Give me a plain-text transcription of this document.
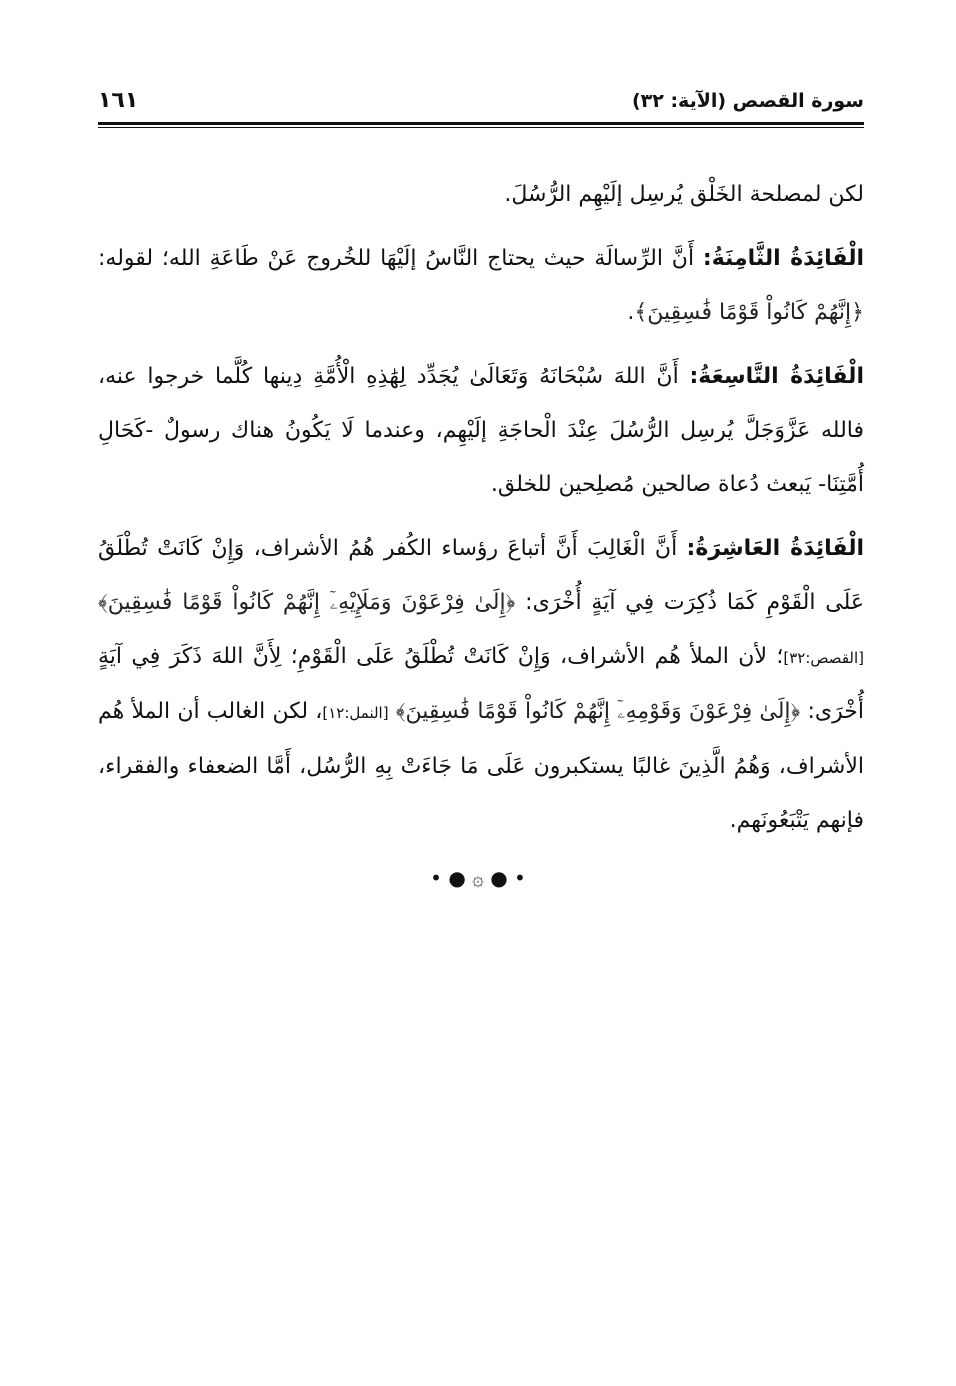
سورة القصص (الآية: ٣٢)
١٦١

لكن لمصلحة الخَلْق يُرسِل إلَيْهِم الرُّسُلَ.

الْفَائِدَةُ الثَّامِنَةُ: أَنَّ الرِّسالَة حيث يحتاج النَّاسُ إلَيْهَا للخُروج عَنْ طَاعَةِ الله؛ لقوله: ﴿إِنَّهُمْ كَانُواْ قَوْمًا فَٰسِقِينَ﴾.

الْفَائِدَةُ التَّاسِعَةُ: أَنَّ اللهَ سُبْحَانَهُ وَتَعَالَىٰ يُجَدِّد لِهَٰذِهِ الْأُمَّةِ دِينها كُلَّما خرجوا عنه، فالله عَزَّوَجَلَّ يُرسِل الرُّسُلَ عِنْدَ الْحاجَةِ إلَيْهِم، وعندما لَا يَكُونُ هناك رسولٌ -كَحَالِ أُمَّتِنَا- يَبعث دُعاة صالحين مُصلِحين للخلق.

الْفَائِدَةُ العَاشِرَةُ: أَنَّ الْغَالِبَ أَنَّ أتباعَ رؤساء الكُفر هُمُ الأشراف، وَإِنْ كَانَتْ تُطْلَقُ عَلَى الْقَوْمِ كَمَا ذُكِرَت فِي آيَةٍ أُخْرَى: ﴿إِلَىٰ فِرْعَوْنَ وَمَلَإِيْهِۦٓ إِنَّهُمْ كَانُواْ قَوْمًا فَٰسِقِينَ﴾ [القصص:٣٢]؛ لأن الملأ هُم الأشراف، وَإِنْ كَانَتْ تُطْلَقُ عَلَى الْقَوْمِ؛ لِأَنَّ اللهَ ذَكَرَ فِي آيَةٍ أُخْرَى: ﴿إِلَىٰ فِرْعَوْنَ وَقَوْمِهِۦٓ إِنَّهُمْ كَانُواْ قَوْمًا فَٰسِقِينَ﴾ [النمل:١٢]، لكن الغالب أن الملأ هُم الأشراف، وَهُمُ الَّذِينَ غالبًا يستكبرون عَلَى مَا جَاءَتْ بِهِ الرُّسُل، أَمَّا الضعفاء والفقراء، فإنهم يَتْبَعُونَهم.

• ● ۞ ● •
